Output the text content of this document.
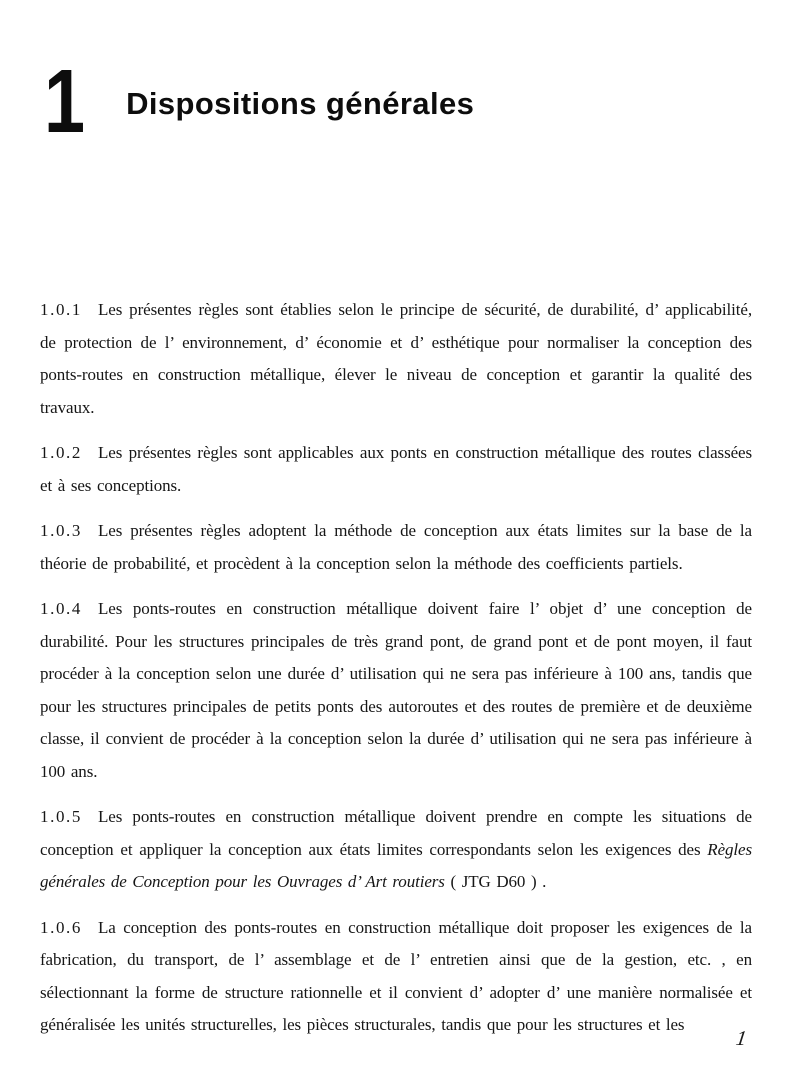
1 Dispositions générales

1.0.1 Les présentes règles sont établies selon le principe de sécurité, de durabilité, d’ applicabilité, de protection de l’ environnement, d’ économie et d’ esthétique pour normaliser la conception des ponts-routes en construction métallique, élever le niveau de conception et garantir la qualité des travaux.

1.0.2 Les présentes règles sont applicables aux ponts en construction métallique des routes classées et à ses conceptions.

1.0.3 Les présentes règles adoptent la méthode de conception aux états limites sur la base de la théorie de probabilité, et procèdent à la conception selon la méthode des coefficients partiels.

1.0.4 Les ponts-routes en construction métallique doivent faire l’ objet d’ une conception de durabilité. Pour les structures principales de très grand pont, de grand pont et de pont moyen, il faut procéder à la conception selon une durée d’ utilisation qui ne sera pas inférieure à 100 ans, tandis que pour les structures principales de petits ponts des autoroutes et des routes de première et de deuxième classe, il convient de procéder à la conception selon la durée d’ utilisation qui ne sera pas inférieure à 100 ans.

1.0.5 Les ponts-routes en construction métallique doivent prendre en compte les situations de conception et appliquer la conception aux états limites correspondants selon les exigences des Règles générales de Conception pour les Ouvrages d’ Art routiers ( JTG D60 ) .

1.0.6 La conception des ponts-routes en construction métallique doit proposer les exigences de la fabrication, du transport, de l’ assemblage et de l’ entretien ainsi que de la gestion, etc. , en sélectionnant la forme de structure rationnelle et il convient d’ adopter d’ une manière normalisée et généralisée les unités structurelles, les pièces structurales, tandis que pour les structures et les

1
